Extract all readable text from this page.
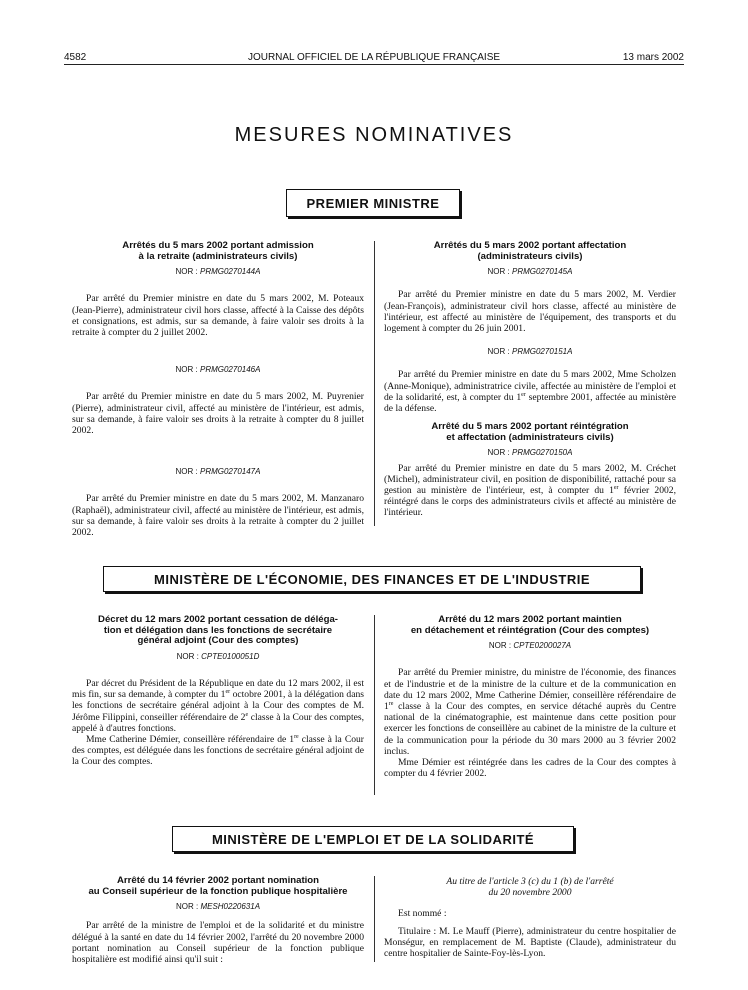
4582	JOURNAL OFFICIEL DE LA RÉPUBLIQUE FRANÇAISE	13 mars 2002
MESURES NOMINATIVES
PREMIER MINISTRE
Arrêtés du 5 mars 2002 portant admission
à la retraite (administrateurs civils)
NOR : PRMG0270144A

Par arrêté du Premier ministre en date du 5 mars 2002, M. Poteaux (Jean-Pierre), administrateur civil hors classe, affecté à la Caisse des dépôts et consignations, est admis, sur sa demande, à faire valoir ses droits à la retraite à compter du 2 juillet 2002.

NOR : PRMG0270146A

Par arrêté du Premier ministre en date du 5 mars 2002, M. Puyrenier (Pierre), administrateur civil, affecté au ministère de l'intérieur, est admis, sur sa demande, à faire valoir ses droits à la retraite à compter du 8 juillet 2002.

NOR : PRMG0270147A

Par arrêté du Premier ministre en date du 5 mars 2002, M. Manzanaro (Raphaël), administrateur civil, affecté au ministère de l'intérieur, est admis, sur sa demande, à faire valoir ses droits à la retraite à compter du 2 juillet 2002.

Arrêtés du 5 mars 2002 portant affectation
(administrateurs civils)
NOR : PRMG0270145A

Par arrêté du Premier ministre en date du 5 mars 2002, M. Verdier (Jean-François), administrateur civil hors classe, affecté au ministère de l'intérieur, est affecté au ministère de l'équipement, des transports et du logement à compter du 26 juin 2001.

NOR : PRMG0270151A

Par arrêté du Premier ministre en date du 5 mars 2002, Mme Scholzen (Anne-Monique), administratrice civile, affectée au ministère de l'emploi et de la solidarité, est, à compter du 1er septembre 2001, affectée au ministère de la défense.

Arrêté du 5 mars 2002 portant réintégration
et affectation (administrateurs civils)
NOR : PRMG0270150A

Par arrêté du Premier ministre en date du 5 mars 2002, M. Créchet (Michel), administrateur civil, en position de disponibilité, rattaché pour sa gestion au ministère de l'intérieur, est, à compter du 1er février 2002, réintégré dans le corps des administrateurs civils et affecté au ministère de l'intérieur.

MINISTÈRE DE L'ÉCONOMIE, DES FINANCES ET DE L'INDUSTRIE
Décret du 12 mars 2002 portant cessation de déléga-
tion et délégation dans les fonctions de secrétaire
général adjoint (Cour des comptes)
NOR : CPTE0100051D

Par décret du Président de la République en date du 12 mars 2002, il est mis fin, sur sa demande, à compter du 1er octobre 2001, à la délégation dans les fonctions de secrétaire général adjoint à la Cour des comptes de M. Jérôme Filippini, conseiller référendaire de 2e classe à la Cour des comptes, appelé à d'autres fonctions.

Mme Catherine Démier, conseillère référendaire de 1re classe à la Cour des comptes, est déléguée dans les fonctions de secrétaire général adjoint de la Cour des comptes.

Arrêté du 12 mars 2002 portant maintien
en détachement et réintégration (Cour des comptes)
NOR : CPTE0200027A

Par arrêté du Premier ministre, du ministre de l'économie, des finances et de l'industrie et de la ministre de la culture et de la communication en date du 12 mars 2002, Mme Catherine Démier, conseillère référendaire de 1re classe à la Cour des comptes, en service détaché auprès du Centre national de la cinématographie, est maintenue dans cette position pour exercer les fonctions de conseillère au cabinet de la ministre de la culture et de la communication pour la période du 30 mars 2000 au 3 février 2002 inclus.

Mme Démier est réintégrée dans les cadres de la Cour des comptes à compter du 4 février 2002.

MINISTÈRE DE L'EMPLOI ET DE LA SOLIDARITÉ
Arrêté du 14 février 2002 portant nomination
au Conseil supérieur de la fonction publique hospitalière
NOR : MESH0220631A

Par arrêté de la ministre de l'emploi et de la solidarité et du ministre délégué à la santé en date du 14 février 2002, l'arrêté du 20 novembre 2000 portant nomination au Conseil supérieur de la fonction publique hospitalière est modifié ainsi qu'il suit :

Au titre de l'article 3 (c) du 1 (b) de l'arrêté
du 20 novembre 2000

Est nommé :

Titulaire : M. Le Mauff (Pierre), administrateur du centre hospitalier de Monségur, en remplacement de M. Baptiste (Claude), administrateur du centre hospitalier de Sainte-Foy-lès-Lyon.
